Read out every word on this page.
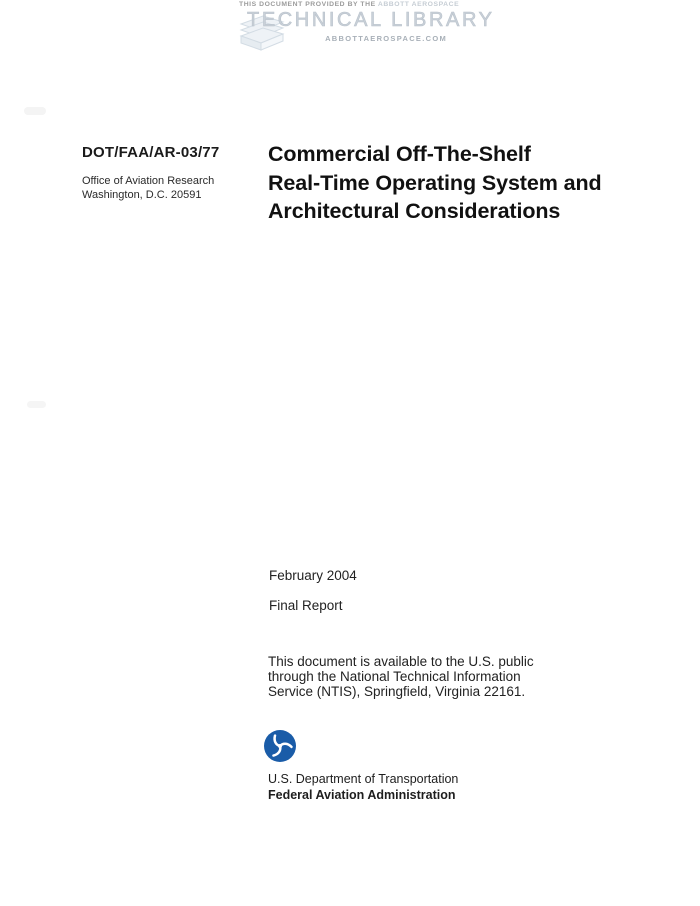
THIS DOCUMENT PROVIDED BY THE ABBOTT AEROSPACE
TECHNICAL LIBRARY
ABBOTTAEROSPACE.COM
DOT/FAA/AR-03/77
Office of Aviation Research
Washington, D.C. 20591
Commercial Off-The-Shelf
Real-Time Operating System and
Architectural Considerations
February 2004
Final Report
This document is available to the U.S. public
through the National Technical Information
Service (NTIS), Springfield, Virginia 22161.
U.S. Department of Transportation
Federal Aviation Administration
